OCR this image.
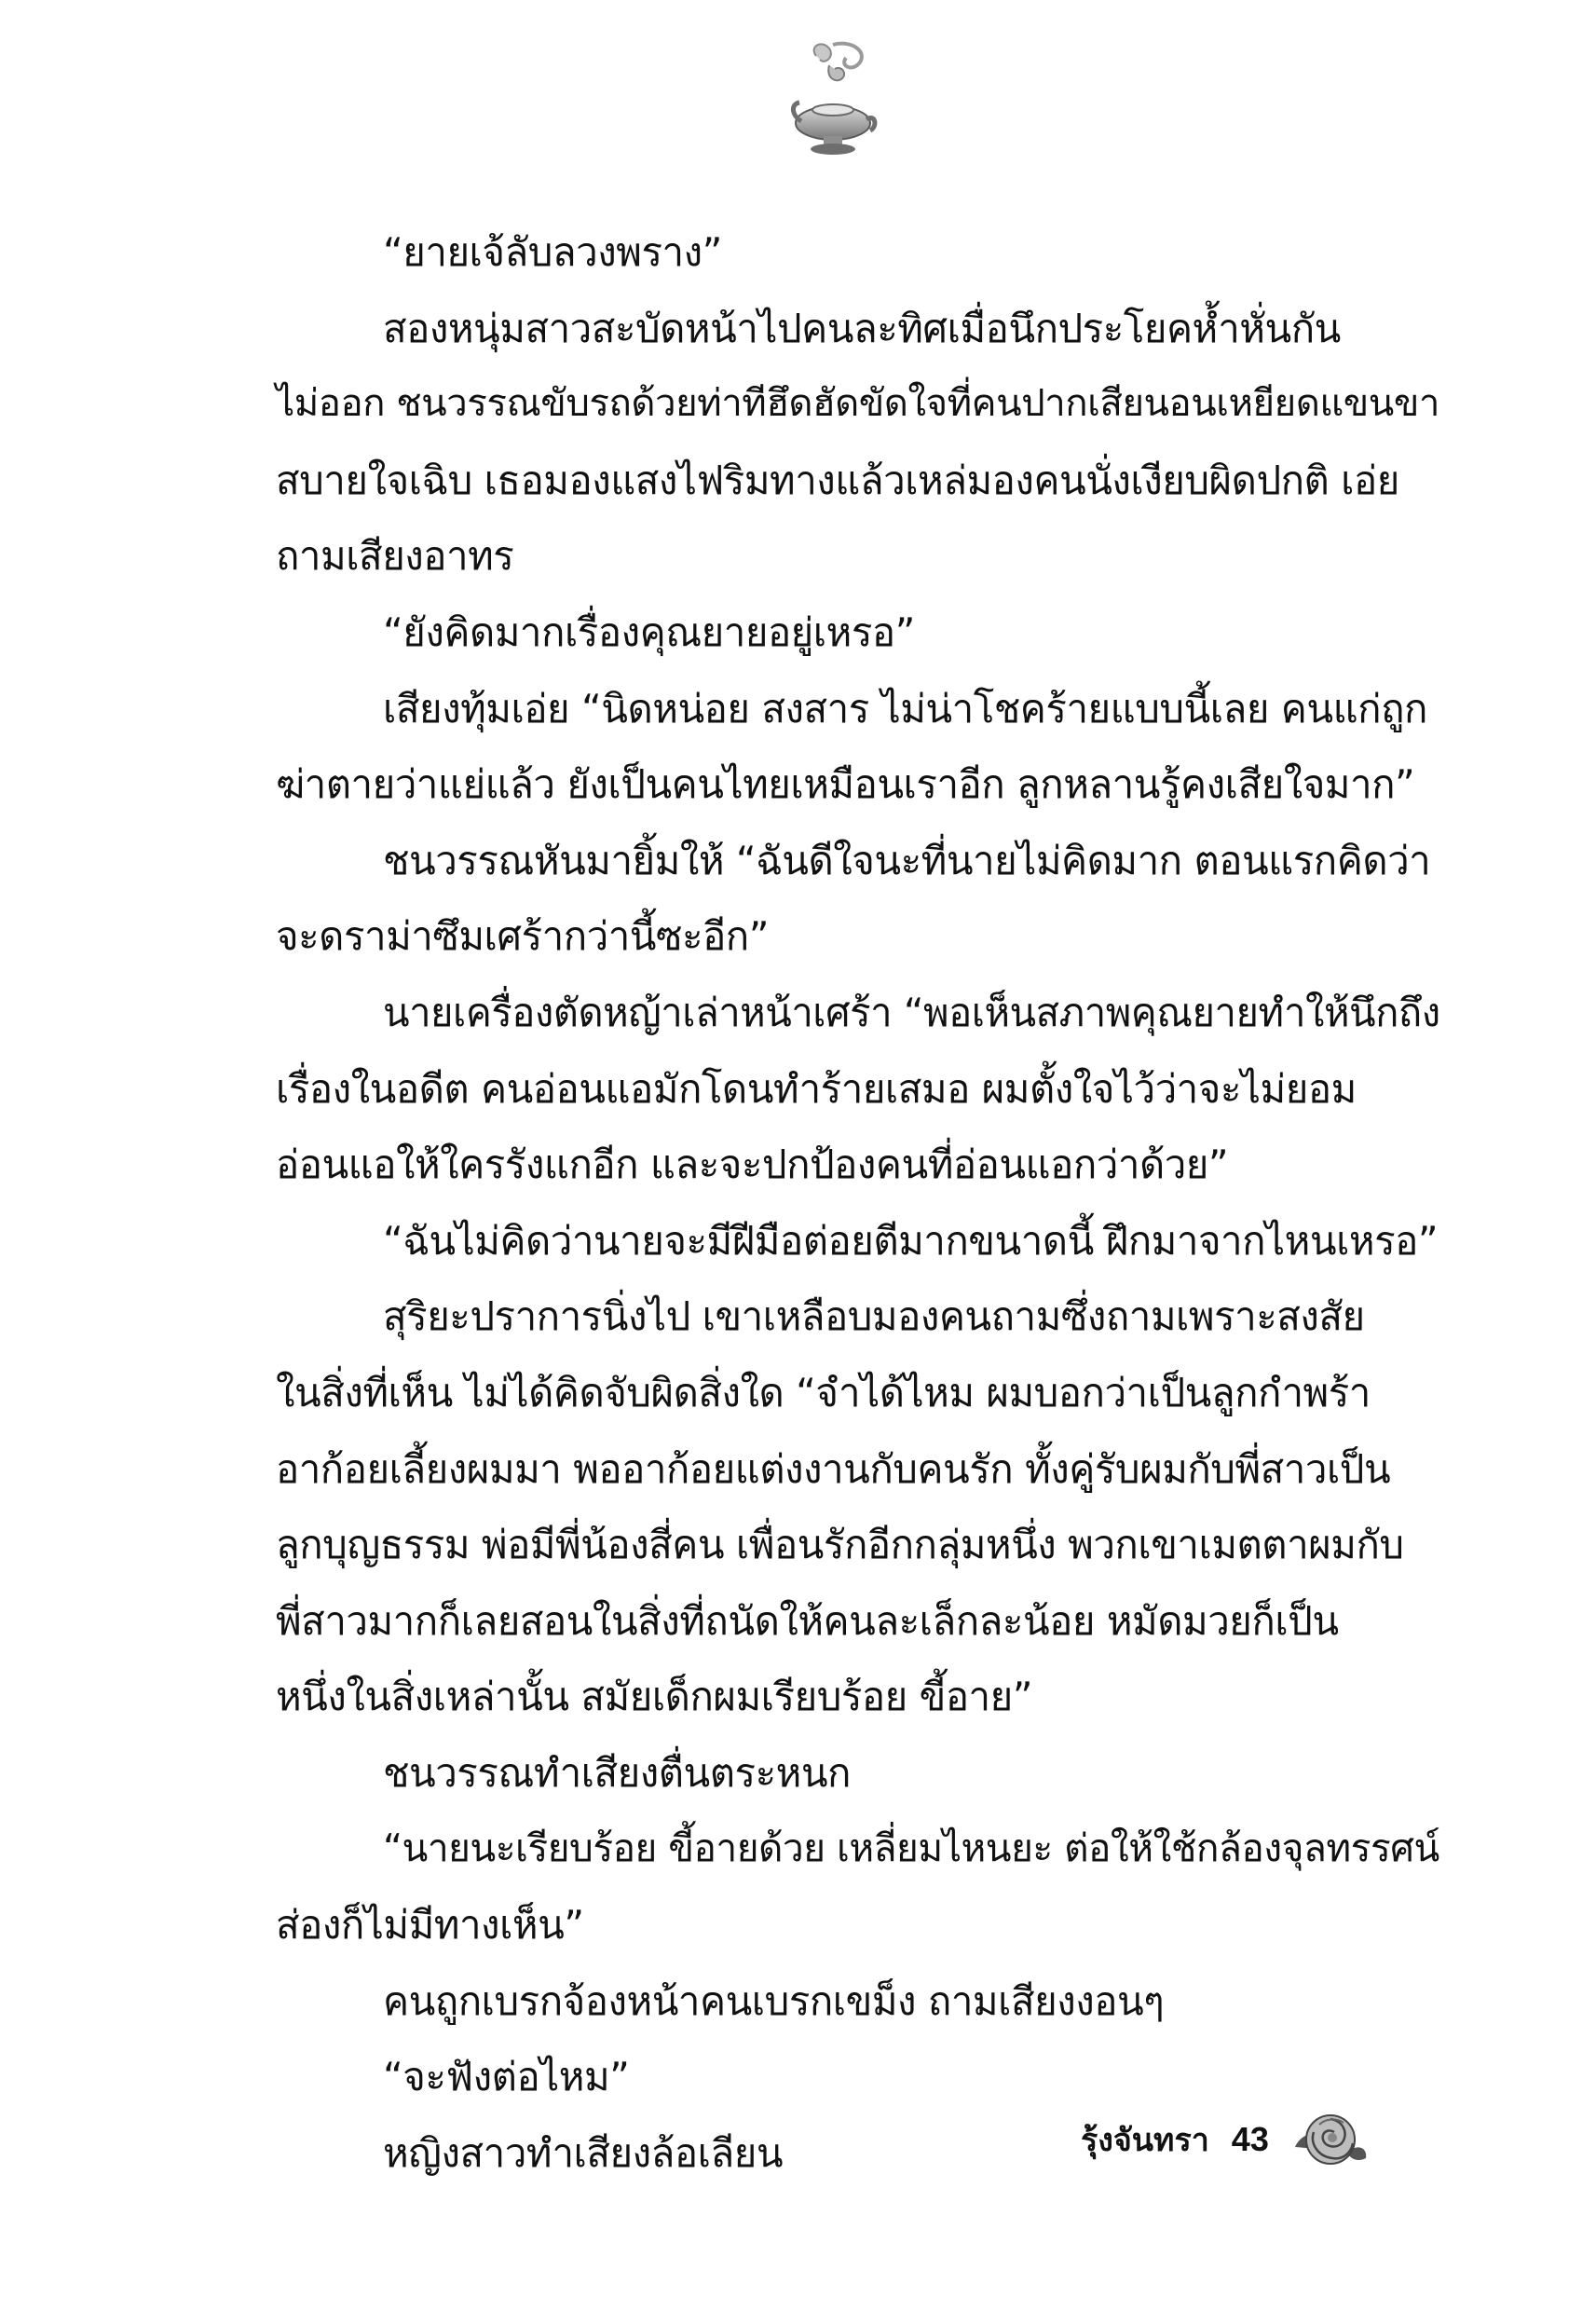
“ยายเจ้ลับลวงพราง”
สองหนุ่มสาวสะบัดหน้าไปคนละทิศเมื่อนึกประโยคห้ำหั่นกัน
ไม่ออก ชนวรรณขับรถด้วยท่าทีฮึดฮัดขัดใจที่คนปากเสียนอนเหยียดแขนขา
สบายใจเฉิบ เธอมองแสงไฟริมทางแล้วเหล่มองคนนั่งเงียบผิดปกติ เอ่ย
ถามเสียงอาทร
“ยังคิดมากเรื่องคุณยายอยู่เหรอ”
เสียงทุ้มเอ่ย “นิดหน่อย สงสาร ไม่น่าโชคร้ายแบบนี้เลย คนแก่ถูก
ฆ่าตายว่าแย่แล้ว ยังเป็นคนไทยเหมือนเราอีก ลูกหลานรู้คงเสียใจมาก”
ชนวรรณหันมายิ้มให้ “ฉันดีใจนะที่นายไม่คิดมาก ตอนแรกคิดว่า
จะดราม่าซึมเศร้ากว่านี้ซะอีก”
นายเครื่องตัดหญ้าเล่าหน้าเศร้า “พอเห็นสภาพคุณยายทำให้นึกถึง
เรื่องในอดีต คนอ่อนแอมักโดนทำร้ายเสมอ ผมตั้งใจไว้ว่าจะไม่ยอม
อ่อนแอให้ใครรังแกอีก และจะปกป้องคนที่อ่อนแอกว่าด้วย”
“ฉันไม่คิดว่านายจะมีฝีมือต่อยตีมากขนาดนี้ ฝึกมาจากไหนเหรอ”
สุริยะปราการนิ่งไป เขาเหลือบมองคนถามซึ่งถามเพราะสงสัย
ในสิ่งที่เห็น ไม่ได้คิดจับผิดสิ่งใด “จำได้ไหม ผมบอกว่าเป็นลูกกำพร้า
อาก้อยเลี้ยงผมมา พออาก้อยแต่งงานกับคนรัก ทั้งคู่รับผมกับพี่สาวเป็น
ลูกบุญธรรม พ่อมีพี่น้องสี่คน เพื่อนรักอีกกลุ่มหนึ่ง พวกเขาเมตตาผมกับ
พี่สาวมากก็เลยสอนในสิ่งที่ถนัดให้คนละเล็กละน้อย หมัดมวยก็เป็น
หนึ่งในสิ่งเหล่านั้น สมัยเด็กผมเรียบร้อย ขี้อาย”
ชนวรรณทำเสียงตื่นตระหนก
“นายนะเรียบร้อย ขี้อายด้วย เหลี่ยมไหนยะ ต่อให้ใช้กล้องจุลทรรศน์
ส่องก็ไม่มีทางเห็น”
คนถูกเบรกจ้องหน้าคนเบรกเขม็ง ถามเสียงงอนๆ
“จะฟังต่อไหม”
หญิงสาวทำเสียงล้อเลียน	รุ้งจันทรา 43
